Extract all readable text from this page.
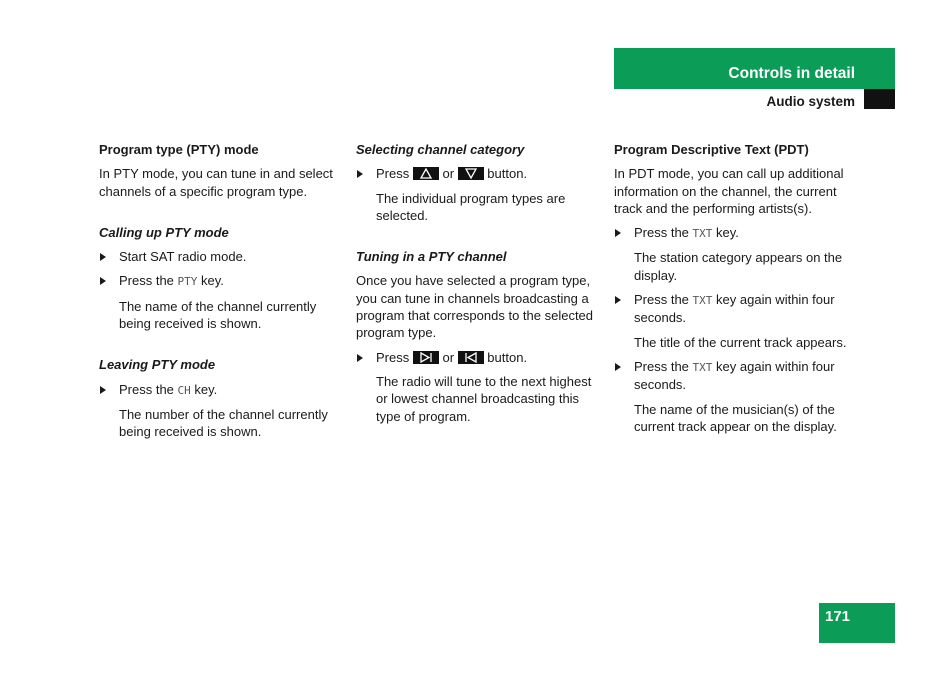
Controls in detail
Audio system
Program type (PTY) mode

In PTY mode, you can tune in and select channels of a specific program type.

Calling up PTY mode
Start SAT radio mode.
Press the PTY key.

The name of the channel currently being received is shown.

Leaving PTY mode
Press the CH key.

The number of the channel currently being received is shown.

Selecting channel category
Press	or	button.

The individual program types are selected.

Tuning in a PTY channel

Once you have selected a program type, you can tune in channels broadcasting a program that corresponds to the selected program type.

Press	or	button.

The radio will tune to the next highest or lowest channel broadcasting this type of program.

Program Descriptive Text (PDT)

In PDT mode, you can call up additional information on the channel, the current track and the performing artists(s).

Press the TXT key.

The station category appears on the display.

Press the TXT key again within four seconds.

The title of the current track appears.

Press the TXT key again within four seconds.

The name of the musician(s) of the current track appear on the display.

171
